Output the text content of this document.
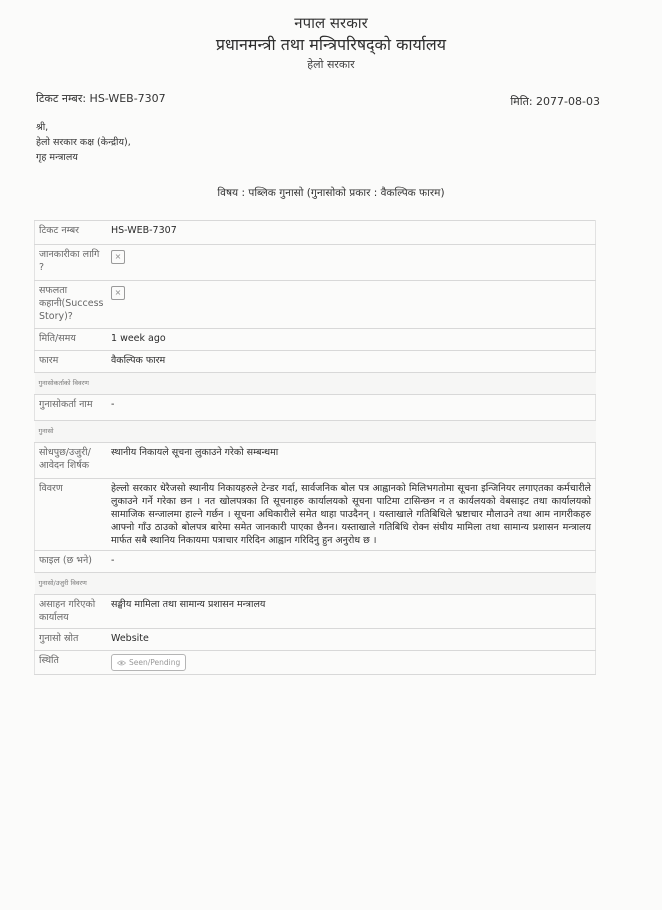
नपाल सरकार
प्रधानमन्त्री तथा मन्त्रिपरिषद्को कार्यालय
हेलो सरकार
टिकट नम्बर: HS-WEB-7307	मिति: 2077-08-03
श्री,
हेलो सरकार कक्ष (केन्द्रीय),
गृह मन्त्रालय
विषय : पब्लिक गुनासो (गुनासोको प्रकार : वैकल्पिक फारम)
टिकट नम्बर	HS-WEB-7307
जानकारीका लागि ?	×
सफलता कहानी(Success Story)?	×
मिति/समय	1 week ago
फारम	वैकल्पिक फारम
गुनासोकर्ताको विवरण	
गुनासोकर्ता नाम	-
गुनासो	
सोधपुछ/उजुरी/ आवेदन शिर्षक	स्थानीय निकायले सूचना लुकाउने गरेको सम्बन्धमा
विवरण	हेल्लो सरकार धेरैजसो स्थानीय निकायहरुले टेन्डर गर्दा, सार्वजनिक बोल पत्र आह्वानको मिलिभगतोमा सूचना इन्जिनियर लगाएतका कर्मचारीले लुकाउने गर्ने गरेका छन । नत खोलपत्रका ति सूचनाहरु कार्यालयको सूचना पाटिमा टासिन्छन न त कार्यलयको वेबसाइट तथा कार्यालयको सामाजिक सन्जालमा हाल्ने गर्छन । सूचना अधिकारीले समेत थाहा पाउदैनन् । यस्ताखाले गतिबिधिले भ्रष्टाचार मौलाउने तथा आम नागरीकहरु आफ्नो गाँउ ठाउको बोलपत्र बारेमा समेत जानकारी पाएका छैनन। यस्ताखाले गतिबिधि रोक्न संघीय मामिला तथा सामान्य प्रशासन मन्त्रालय मार्फत सबै स्थानिय निकायमा पत्राचार गरिदिन आह्वान गरिदिनु हुन अनुरोध छ ।
फाइल (छ भने)	-
गुनासो/उजुरी विवरण	
असाहन गरिएको कार्यालय	सङ्घीय मामिला तथा सामान्य प्रशासन मन्त्रालय
गुनासो स्रोत	Website
स्थिति	Seen/Pending
